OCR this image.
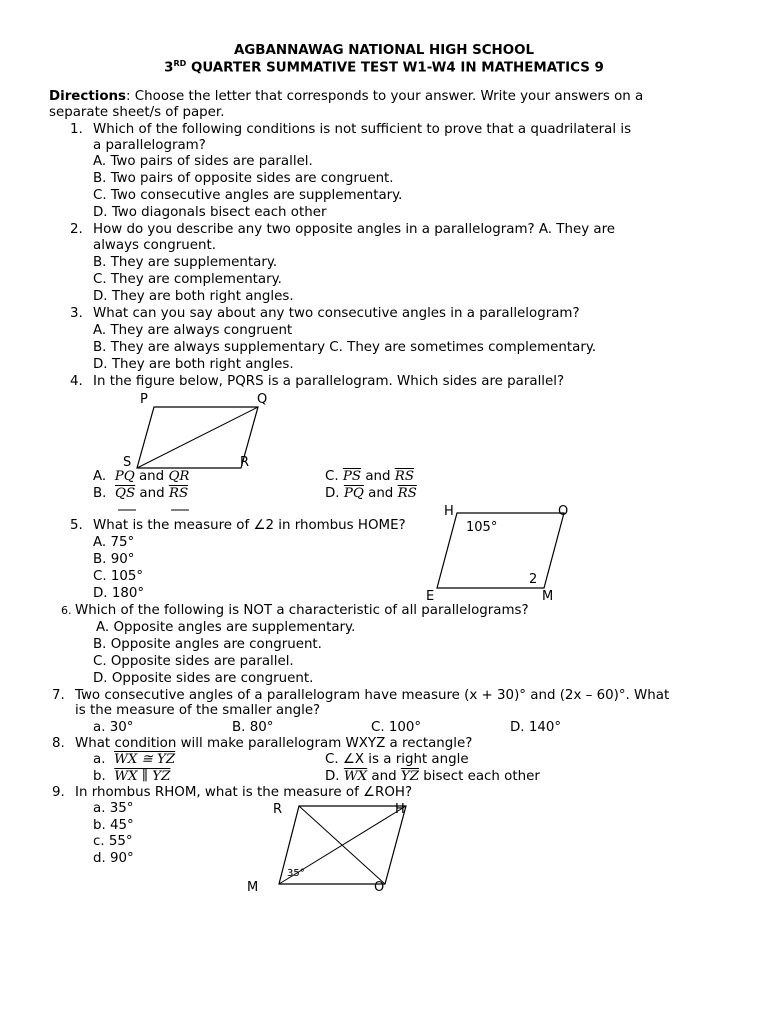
AGBANNAWAG NATIONAL HIGH SCHOOL
3RD QUARTER SUMMATIVE TEST W1-W4 IN MATHEMATICS 9
Directions: Choose the letter that corresponds to your answer. Write your answers on a
separate sheet/s of paper.
1. Which of the following conditions is not sufficient to prove that a quadrilateral is
a parallelogram?
A. Two pairs of sides are parallel.
B. Two pairs of opposite sides are congruent.
C. Two consecutive angles are supplementary.
D. Two diagonals bisect each other
2. How do you describe any two opposite angles in a parallelogram? A. They are
always congruent.
B. They are supplementary.
C. They are complementary.
D. They are both right angles.
3. What can you say about any two consecutive angles in a parallelogram?
A. They are always congruent
B. They are always supplementary C. They are sometimes complementary.
D. They are both right angles.
4. In the figure below, PQRS is a parallelogram. Which sides are parallel?
P	Q
S	R
A. PQ and QR
B. $\overline{QS}$ and $\overline{RS}$
C. $\overline{PS}$ and $\overline{RS}$
D. $\overline{PQ}$ and $\overline{RS}$
5. What is the measure of ∠2 in rhombus HOME?
A. 75°
B. 90°
C. 105°
D. 180°
H	O
E	M
105°
2
6. Which of the following is NOT a characteristic of all parallelograms?
A. Opposite angles are supplementary.
B. Opposite angles are congruent.
C. Opposite sides are parallel.
D. Opposite sides are congruent.
7. Two consecutive angles of a parallelogram have measure (x + 30)° and (2x – 60)°. What
is the measure of the smaller angle?
a. 30°	B. 80°	C. 100°	D. 140°
8. What condition will make parallelogram WXYZ a rectangle?
a. WX ≅ YZ
b. WX ∥ YZ
C. ∠X is a right angle
D. $\overline{WX}$ and $\overline{YZ}$ bisect each other
9. In rhombus RHOM, what is the measure of ∠ROH?
a. 35°
b. 45°
c. 55°
d. 90°
R	H
M	O
35°
